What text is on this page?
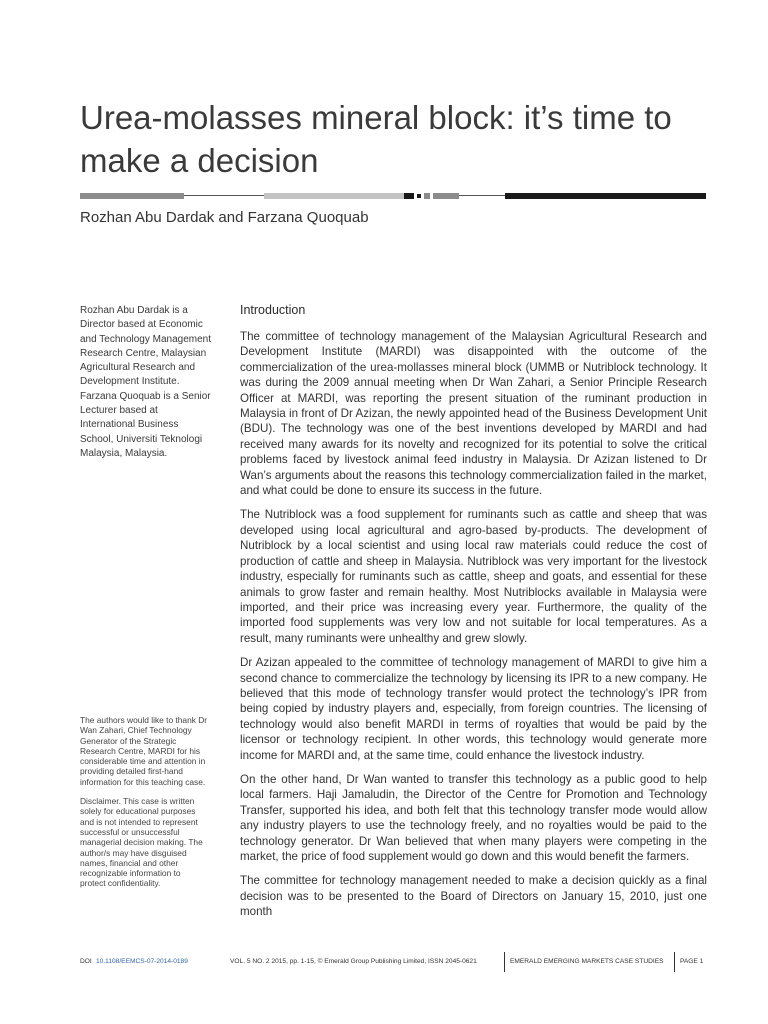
Urea-molasses mineral block: it’s time to make a decision
Rozhan Abu Dardak and Farzana Quoquab
Rozhan Abu Dardak is a Director based at Economic and Technology Management Research Centre, Malaysian Agricultural Research and Development Institute. Farzana Quoquab is a Senior Lecturer based at International Business School, Universiti Teknologi Malaysia, Malaysia.

The authors would like to thank Dr Wan Zahari, Chief Technology Generator of the Strategic Research Centre, MARDI for his considerable time and attention in providing detailed first-hand information for this teaching case.

Disclaimer. This case is written solely for educational purposes and is not intended to represent successful or unsuccessful managerial decision making. The author/s may have disguised names, financial and other recognizable information to protect confidentiality.

Introduction

The committee of technology management of the Malaysian Agricultural Research and Development Institute (MARDI) was disappointed with the outcome of the commercialization of the urea-mollasses mineral block (UMMB or Nutriblock technology. It was during the 2009 annual meeting when Dr Wan Zahari, a Senior Principle Research Officer at MARDI, was reporting the present situation of the ruminant production in Malaysia in front of Dr Azizan, the newly appointed head of the Business Development Unit (BDU). The technology was one of the best inventions developed by MARDI and had received many awards for its novelty and recognized for its potential to solve the critical problems faced by livestock animal feed industry in Malaysia. Dr Azizan listened to Dr Wan’s arguments about the reasons this technology commercialization failed in the market, and what could be done to ensure its success in the future.

The Nutriblock was a food supplement for ruminants such as cattle and sheep that was developed using local agricultural and agro-based by-products. The development of Nutriblock by a local scientist and using local raw materials could reduce the cost of production of cattle and sheep in Malaysia. Nutriblock was very important for the livestock industry, especially for ruminants such as cattle, sheep and goats, and essential for these animals to grow faster and remain healthy. Most Nutriblocks available in Malaysia were imported, and their price was increasing every year. Furthermore, the quality of the imported food supplements was very low and not suitable for local temperatures. As a result, many ruminants were unhealthy and grew slowly.

Dr Azizan appealed to the committee of technology management of MARDI to give him a second chance to commercialize the technology by licensing its IPR to a new company. He believed that this mode of technology transfer would protect the technology’s IPR from being copied by industry players and, especially, from foreign countries. The licensing of technology would also benefit MARDI in terms of royalties that would be paid by the licensor or technology recipient. In other words, this technology would generate more income for MARDI and, at the same time, could enhance the livestock industry.

On the other hand, Dr Wan wanted to transfer this technology as a public good to help local farmers. Haji Jamaludin, the Director of the Centre for Promotion and Technology Transfer, supported his idea, and both felt that this technology transfer mode would allow any industry players to use the technology freely, and no royalties would be paid to the technology generator. Dr Wan believed that when many players were competing in the market, the price of food supplement would go down and this would benefit the farmers.

The committee for technology management needed to make a decision quickly as a final decision was to be presented to the Board of Directors on January 15, 2010, just one month

DOI 10.1108/EEMCS-07-2014-0189	VOL. 5 NO. 2 2015, pp. 1-15, © Emerald Group Publishing Limited, ISSN 2045-0621	EMERALD EMERGING MARKETS CASE STUDIES PAGE 1
